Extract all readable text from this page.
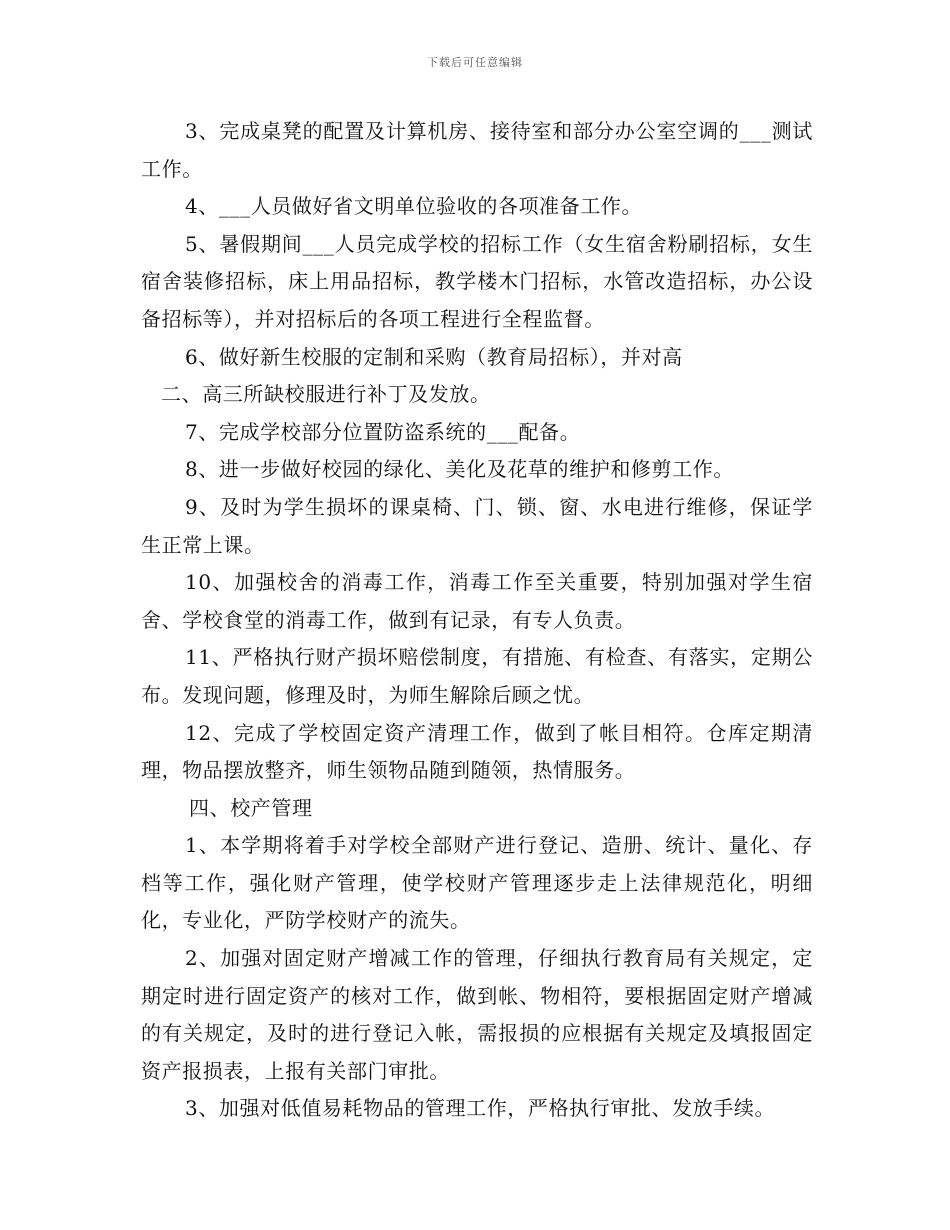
下载后可任意编辑

3、完成桌凳的配置及计算机房、接待室和部分办公室空调的___测试工作。

4、___人员做好省文明单位验收的各项准备工作。

5、暑假期间___人员完成学校的招标工作（女生宿舍粉刷招标，女生宿舍装修招标，床上用品招标，教学楼木门招标，水管改造招标，办公设备招标等），并对招标后的各项工程进行全程监督。

6、做好新生校服的定制和采购（教育局招标），并对高

二、高三所缺校服进行补丁及发放。

7、完成学校部分位置防盗系统的___配备。

8、进一步做好校园的绿化、美化及花草的维护和修剪工作。

9、及时为学生损坏的课桌椅、门、锁、窗、水电进行维修，保证学生正常上课。

10、加强校舍的消毒工作，消毒工作至关重要，特别加强对学生宿舍、学校食堂的消毒工作，做到有记录，有专人负责。

11、严格执行财产损坏赔偿制度，有措施、有检查、有落实，定期公布。发现问题，修理及时，为师生解除后顾之忧。

12、完成了学校固定资产清理工作，做到了帐目相符。仓库定期清理，物品摆放整齐，师生领物品随到随领，热情服务。

四、校产管理

1、本学期将着手对学校全部财产进行登记、造册、统计、量化、存档等工作，强化财产管理，使学校财产管理逐步走上法律规范化，明细化，专业化，严防学校财产的流失。

2、加强对固定财产增减工作的管理，仔细执行教育局有关规定，定期定时进行固定资产的核对工作，做到帐、物相符，要根据固定财产增减的有关规定，及时的进行登记入帐，需报损的应根据有关规定及填报固定资产报损表，上报有关部门审批。

3、加强对低值易耗物品的管理工作，严格执行审批、发放手续。
